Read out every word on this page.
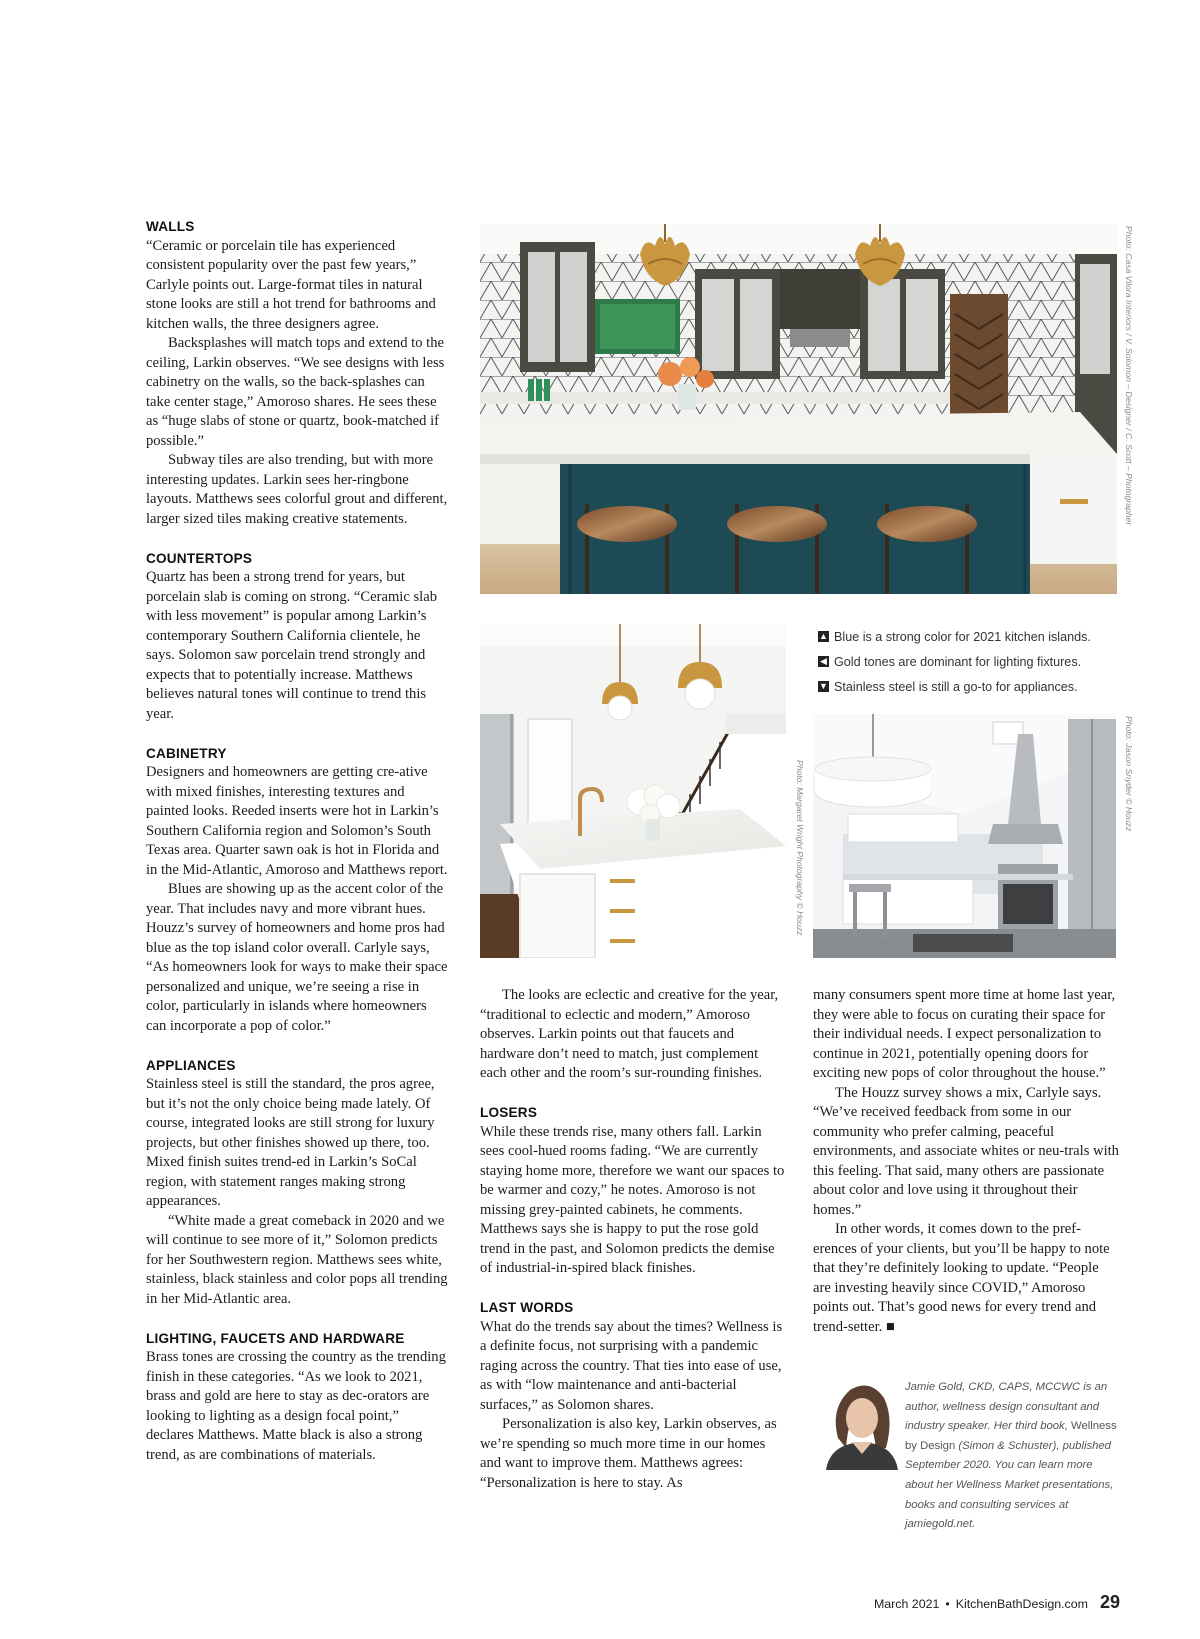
WALLS

“Ceramic or porcelain tile has experienced consistent popularity over the past few years,” Carlyle points out. Large-format tiles in natural stone looks are still a hot trend for bathrooms and kitchen walls, the three designers agree.

Backsplashes will match tops and extend to the ceiling, Larkin observes. “We see designs with less cabinetry on the walls, so the back-splashes can take center stage,” Amoroso shares. He sees these as “huge slabs of stone or quartz, book-matched if possible.”

Subway tiles are also trending, but with more interesting updates. Larkin sees her-ringbone layouts. Matthews sees colorful grout and different, larger sized tiles making creative statements.

COUNTERTOPS

Quartz has been a strong trend for years, but porcelain slab is coming on strong. “Ceramic slab with less movement” is popular among Larkin’s contemporary Southern California clientele, he says. Solomon saw porcelain trend strongly and expects that to potentially increase. Matthews believes natural tones will continue to trend this year.

CABINETRY

Designers and homeowners are getting cre-ative with mixed finishes, interesting textures and painted looks. Reeded inserts were hot in Larkin’s Southern California region and Solomon’s South Texas area. Quarter sawn oak is hot in Florida and in the Mid-Atlantic, Amoroso and Matthews report.

Blues are showing up as the accent color of the year. That includes navy and more vibrant hues. Houzz’s survey of homeowners and home pros had blue as the top island color overall. Carlyle says, “As homeowners look for ways to make their space personalized and unique, we’re seeing a rise in color, particularly in islands where homeowners can incorporate a pop of color.”

APPLIANCES

Stainless steel is still the standard, the pros agree, but it’s not the only choice being made lately. Of course, integrated looks are still strong for luxury projects, but other finishes showed up there, too. Mixed finish suites trend-ed in Larkin’s SoCal region, with statement ranges making strong appearances.

“White made a great comeback in 2020 and we will continue to see more of it,” Solomon predicts for her Southwestern region. Matthews sees white, stainless, black stainless and color pops all trending in her Mid-Atlantic area.

LIGHTING, FAUCETS AND HARDWARE

Brass tones are crossing the country as the trending finish in these categories. “As we look to 2021, brass and gold are here to stay as dec-orators are looking to lighting as a design focal point,” declares Matthews. Matte black is also a strong trend, as are combinations of materials.

Photo: Casa Vilora Interiors / V. Solomon – Designer / C. Scott – Photographer
Photo: Margaret Wright Photography © Houzz
▲ Blue is a strong color for 2021 kitchen islands.
◀ Gold tones are dominant for lighting fixtures.
▼ Stainless steel is still a go-to for appliances.
Photo: Jason Snyder © Houzz

The looks are eclectic and creative for the year, “traditional to eclectic and modern,” Amoroso observes. Larkin points out that faucets and hardware don’t need to match, just complement each other and the room’s sur-rounding finishes.

LOSERS

While these trends rise, many others fall. Larkin sees cool-hued rooms fading. “We are currently staying home more, therefore we want our spaces to be warmer and cozy,” he notes. Amoroso is not missing grey-painted cabinets, he comments. Matthews says she is happy to put the rose gold trend in the past, and Solomon predicts the demise of industrial-in-spired black finishes.

LAST WORDS

What do the trends say about the times? Wellness is a definite focus, not surprising with a pandemic raging across the country. That ties into ease of use, as with “low maintenance and anti-bacterial surfaces,” as Solomon shares.

Personalization is also key, Larkin observes, as we’re spending so much more time in our homes and want to improve them. Matthews agrees: “Personalization is here to stay. As

many consumers spent more time at home last year, they were able to focus on curating their space for their individual needs. I expect personalization to continue in 2021, potentially opening doors for exciting new pops of color throughout the house.”

The Houzz survey shows a mix, Carlyle says. “We’ve received feedback from some in our community who prefer calming, peaceful environments, and associate whites or neu-trals with this feeling. That said, many others are passionate about color and love using it throughout their homes.”

In other words, it comes down to the pref-erences of your clients, but you’ll be happy to note that they’re definitely looking to update. “People are investing heavily since COVID,” Amoroso points out. That’s good news for every trend and trend-setter. ■

Jamie Gold, CKD, CAPS, MCCWC is an author, wellness design consultant and industry speaker. Her third book, Wellness by Design (Simon & Schuster), published September 2020. You can learn more about her Wellness Market presentations, books and consulting services at jamiegold.net.
March 2021 • KitchenBathDesign.com 29
